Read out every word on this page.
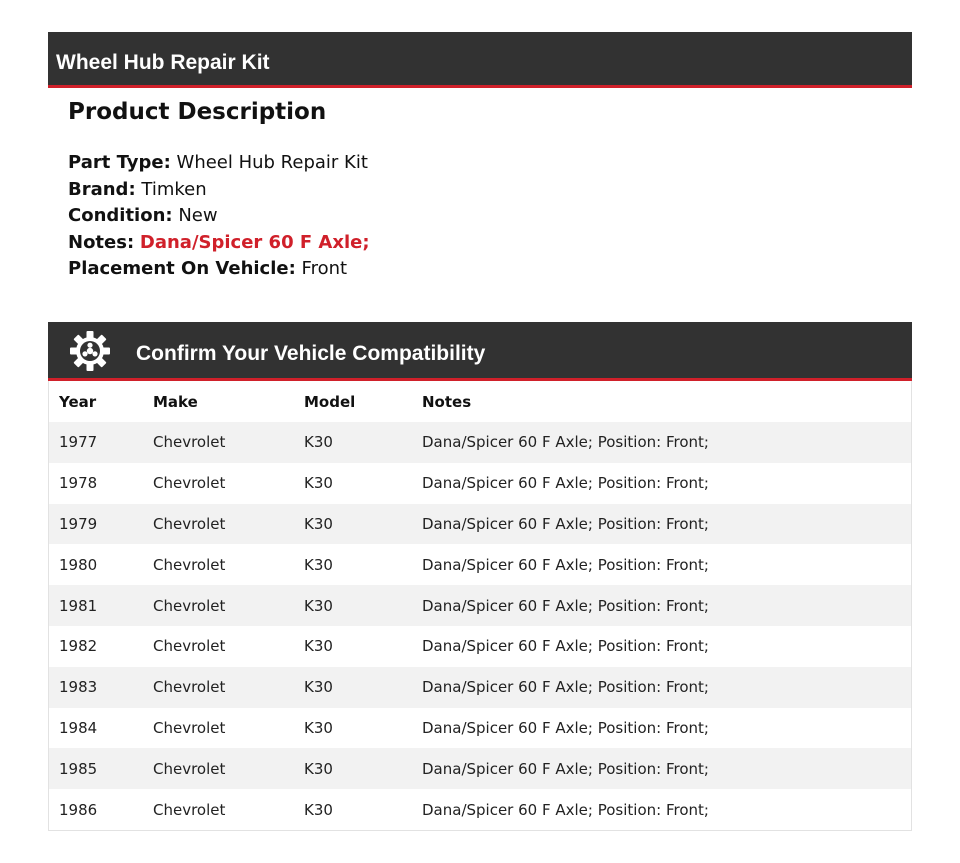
Wheel Hub Repair Kit
Product Description
Part Type: Wheel Hub Repair Kit
Brand: Timken
Condition: New
Notes: Dana/Spicer 60 F Axle;
Placement On Vehicle: Front
Confirm Your Vehicle Compatibility
Year	Make	Model	Notes
1977	Chevrolet	K30	Dana/Spicer 60 F Axle; Position: Front;
1978	Chevrolet	K30	Dana/Spicer 60 F Axle; Position: Front;
1979	Chevrolet	K30	Dana/Spicer 60 F Axle; Position: Front;
1980	Chevrolet	K30	Dana/Spicer 60 F Axle; Position: Front;
1981	Chevrolet	K30	Dana/Spicer 60 F Axle; Position: Front;
1982	Chevrolet	K30	Dana/Spicer 60 F Axle; Position: Front;
1983	Chevrolet	K30	Dana/Spicer 60 F Axle; Position: Front;
1984	Chevrolet	K30	Dana/Spicer 60 F Axle; Position: Front;
1985	Chevrolet	K30	Dana/Spicer 60 F Axle; Position: Front;
1986	Chevrolet	K30	Dana/Spicer 60 F Axle; Position: Front;
